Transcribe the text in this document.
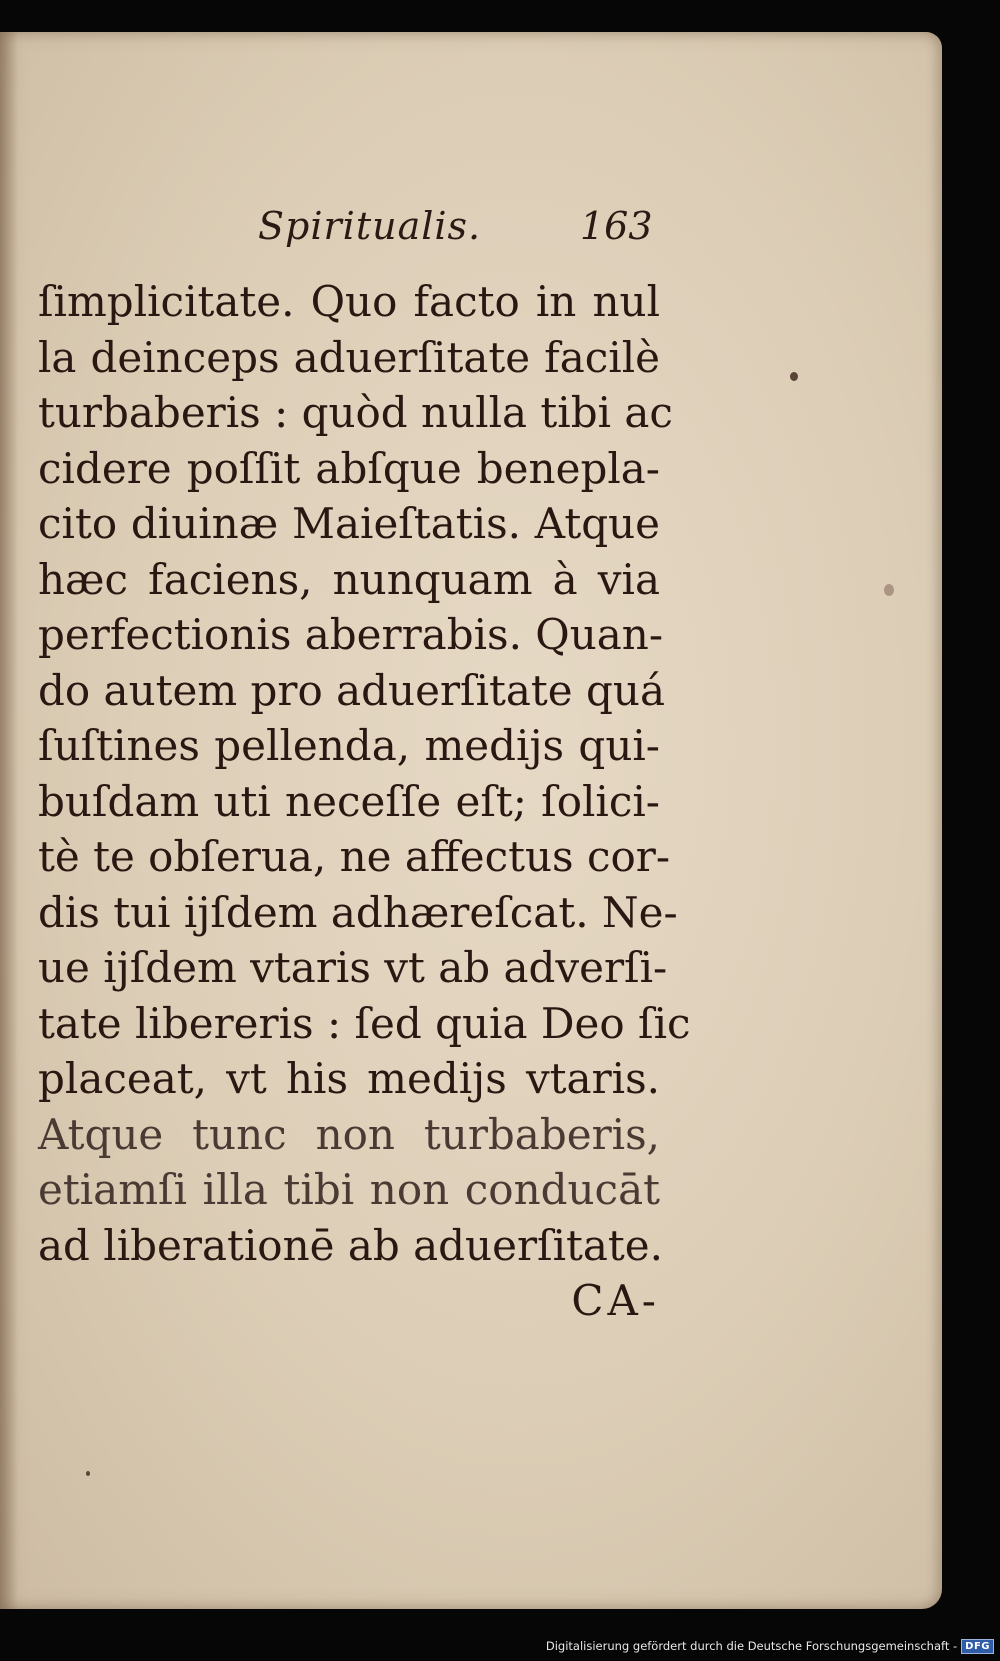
Spiritualis.	163
ſimplicitate. Quo facto in nul
la deinceps aduerſitate facilè
turbaberis : quòd nulla tibi ac
cidere poſſit abſque benepla-
cito diuinæ Maieſtatis. Atque
hæc faciens, nunquam à via
perfectionis aberrabis. Quan-
do autem pro aduerſitate quá
ſuſtines pellenda, medijs qui-
buſdam uti neceſſe eſt; ſolici-
tè te obſerua, ne affectus cor-
dis tui ijſdem adhæreſcat. Ne-
ue ijſdem vtaris vt ab adverſi-
tate libereris : ſed quia Deo ſic
placeat, vt his medijs vtaris.
Atque tunc non turbaberis,
etiamſi illa tibi non conducāt
ad liberationē ab aduerſitate.
CA-
Digitalisierung gefördert durch die Deutsche Forschungsgemeinschaft - DFG
